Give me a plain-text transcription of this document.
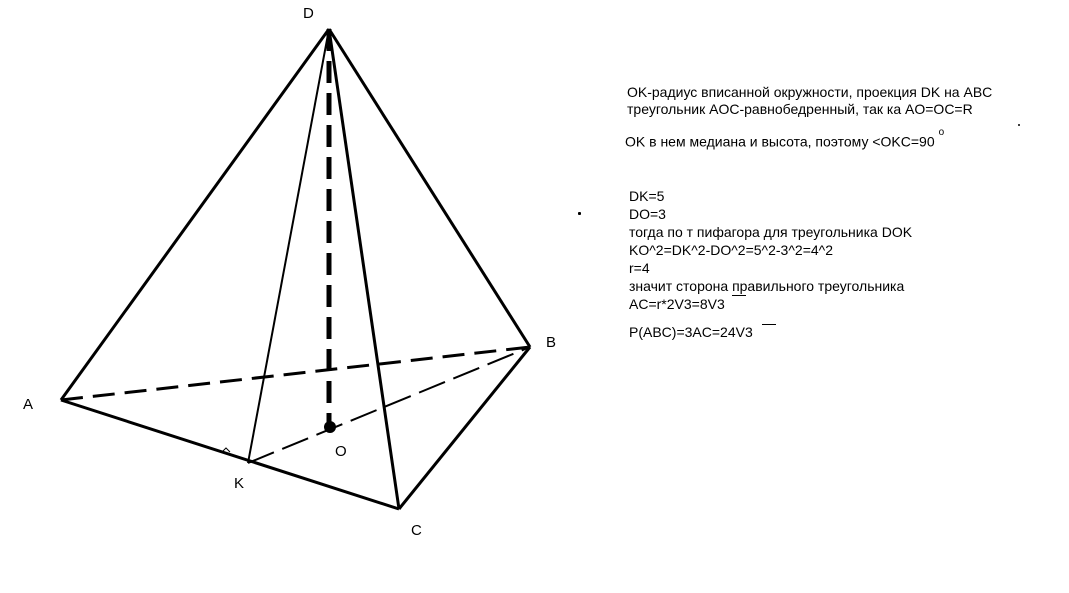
D
A
B
C
K
O
OK-радиус вписанной окружности, проекция DK на ABC
треугольник AOC-равнобедренный, так ка AO=OC=R
OK в нем медиана и высота, поэтому $<OKC=90^o$
DK=5
DO=3
тогда по т пифагора для треугольника DOK
KO^2=DK^2-DO^2=5^2-3^2=4^2
r=4
значит сторона правильного треугольника
AC=r*2V3=8V3
P(ABC)=3AC=24V3
